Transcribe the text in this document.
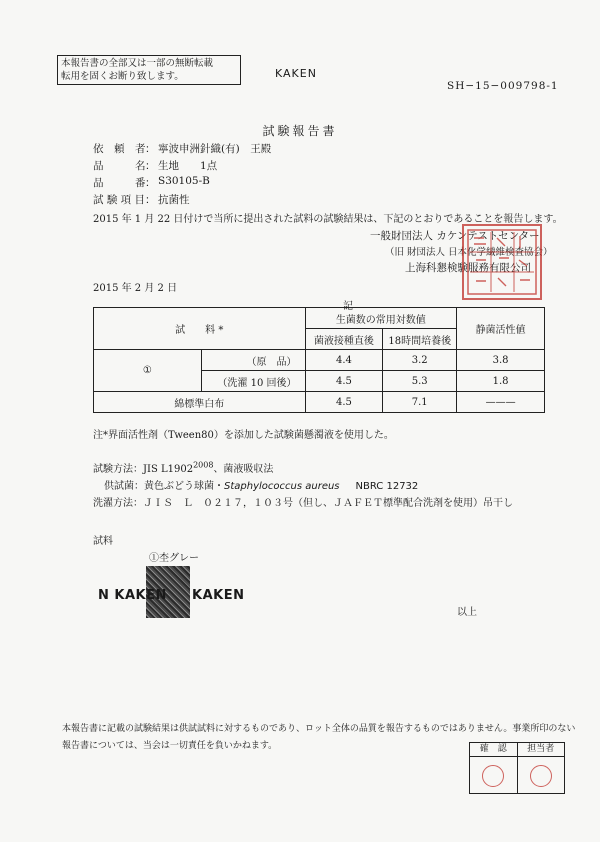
本報告書の全部又は一部の無断転載
転用を固くお断り致します。	KAKEN
SH−15−009798-1
試験報告書
依　頼　者 ： 寧波申洲針織(有)　王殿
品　　　名 ： 生地　　1点
品　　　番 ： S30105-B
試 験 項 目 ： 抗菌性
2015 年 1 月 22 日付けで当所に提出された試料の試験結果は、下記のとおりであることを報告します。
一般財団法人 カケンテストセンター
（旧 財団法人 日本化学繊維検査協会）
上海科懇検験服務有限公司
2015 年 2 月 2 日
記
試　　料 *		生菌数の常用対数値		静菌活性値
		菌液接種直後	18時間培養後	
①	（原　品）	4.4	3.2	3.8
	（洗濯 10 回後）	4.5	5.3	1.8
綿標準白布		4.5	7.1	———
注*界面活性剤（Tween80）を添加した試験菌懸濁液を使用した。
試験方法：JIS $L1902^{2008}$、菌液吸収法
供試菌：黄色ぶどう球菌・Staphylococcus aureus NBRC 12732
洗濯方法：ＪＩＳ　Ｌ　０２１７，１０３号（但し、ＪＡＦＥＴ標準配合洗剤を使用）吊干し
試料
①杢グレー
N KAKEN KAKEN
以上
本報告書に記載の試験結果は供試試料に対するものであり、ロット全体の品質を報告するものではありません。事業所印のない
報告書については、当会は一切責任を負いかねます。	確　認	担当者
